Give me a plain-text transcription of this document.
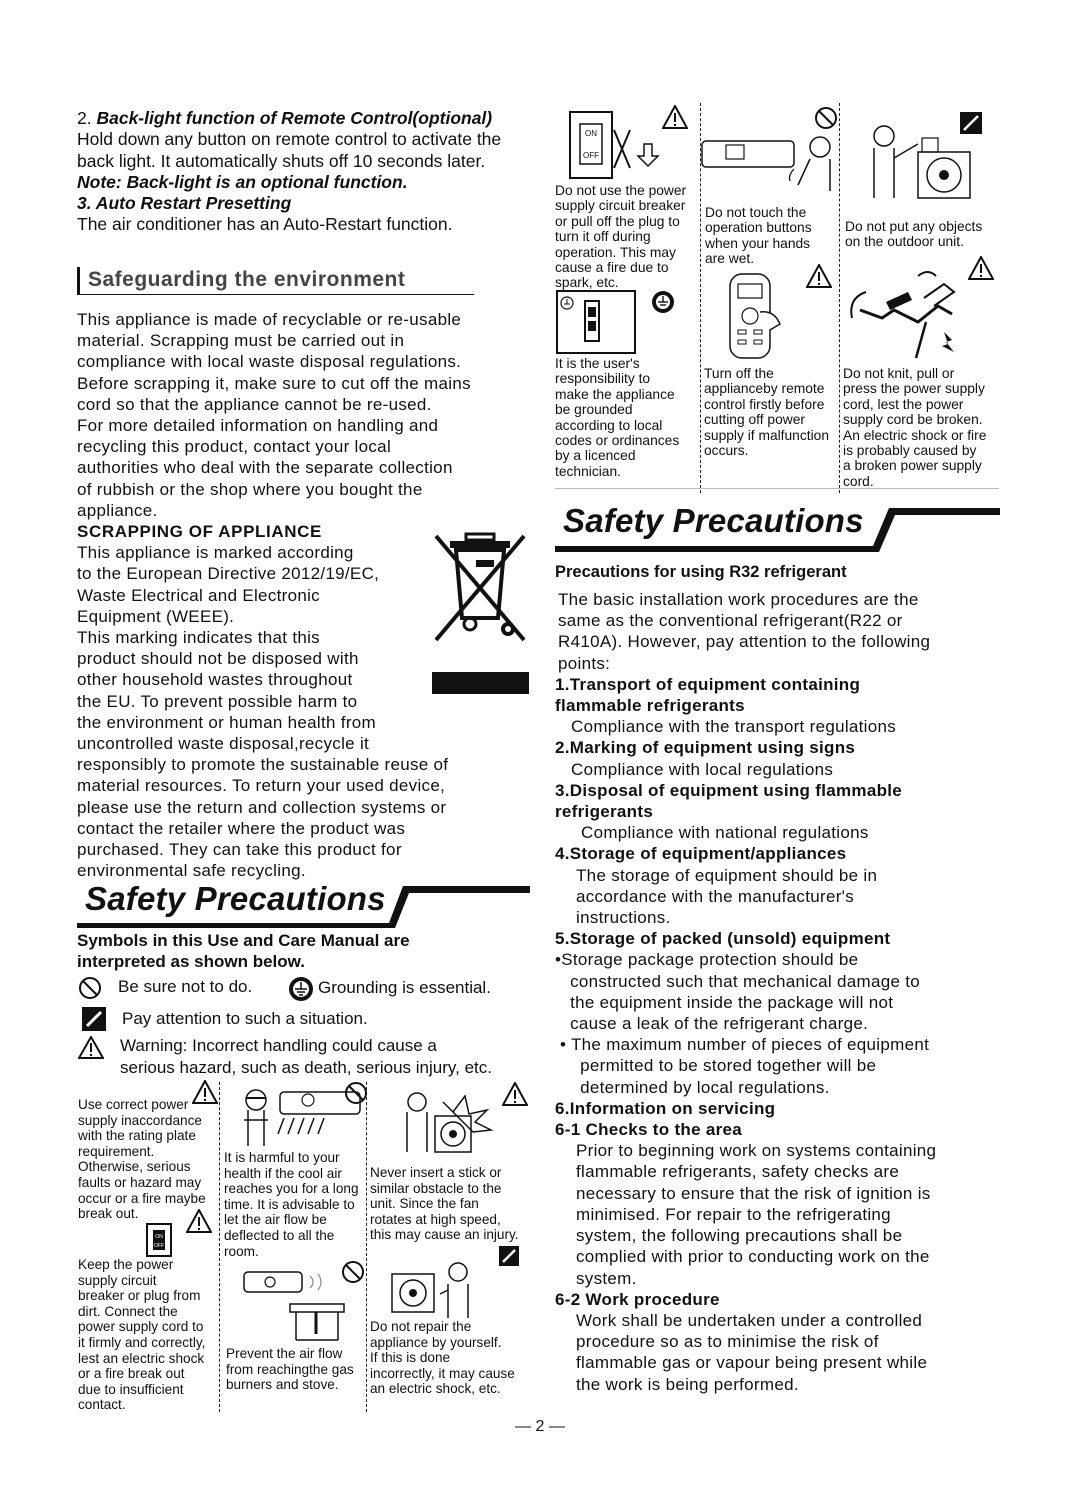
2. Back-light function of Remote Control(optional)
Hold down any button on remote control to activate the back light. It automatically shuts off 10 seconds later.
Note: Back-light is an optional function.
3. Auto Restart Presetting
The air conditioner has an Auto-Restart function.
Safeguarding the environment
This appliance is made of recyclable or re-usable
material. Scrapping must be carried out in
compliance with local waste disposal regulations.
Before scrapping it, make sure to cut off the mains
cord so that the appliance cannot be re-used.
For more detailed information on handling and
recycling this product, contact your local
authorities who deal with the separate collection
of rubbish or the shop where you bought the
appliance.
SCRAPPING OF APPLIANCE
This appliance is marked according
to the European Directive 2012/19/EC,
Waste Electrical and Electronic
Equipment (WEEE).
This marking indicates that this
product should not be disposed with
other household wastes throughout
the EU. To prevent possible harm to
the environment or human health from
uncontrolled waste disposal,recycle it
responsibly to promote the sustainable reuse of
material resources. To return your used device,
please use the return and collection systems or
contact the retailer where the product was
purchased. They can take this product for
environmental safe recycling.
Safety Precautions
Symbols in this Use and Care Manual are
interpreted as shown below.
Be sure not to do.	Grounding is essential.
Pay attention to such a situation.
Warning: Incorrect handling could cause a
serious hazard, such as death, serious injury, etc.
Use correct power
supply inaccordance
with the rating plate
requirement.
Otherwise, serious
faults or hazard may
occur or a fire maybe
break out.
It is harmful to your
health if the cool air
reaches you for a long
time. It is advisable to
let the air flow be
deflected to all the
room.
Never insert a stick or
similar obstacle to the
unit. Since the fan
rotates at high speed,
this may cause an injury.
ON
OFF
Keep the power
supply circuit
breaker or plug from
dirt. Connect the
power supply cord to
it firmly and correctly,
lest an electric shock
or a fire break out
due to insufficient
contact.
Prevent the air flow
from reachingthe gas
burners and stove.
Do not repair the
appliance by yourself.
If this is done
incorrectly, it may cause
an electric shock, etc.
ON
OFF
Do not use the power
supply circuit breaker
or pull off the plug to
turn it off during
operation. This may
cause a fire due to
spark, etc.
Do not touch the
operation buttons
when your hands
are wet.
Do not put any objects
on the outdoor unit.
It is the user's
responsibility to
make the appliance
be grounded
according to local
codes or ordinances
by a licenced
technician.
Turn off the
applianceby remote
control firstly before
cutting off power
supply if malfunction
occurs.
Do not knit, pull or
press the power supply
cord, lest the power
supply cord be broken.
An electric shock or fire
is probably caused by
a broken power supply
cord.
Safety Precautions
Precautions for using R32 refrigerant
The basic installation work procedures are the
same as the conventional refrigerant(R22 or
R410A). However, pay attention to the following
points:
1.Transport of equipment containing
flammable refrigerants
Compliance with the transport regulations
2.Marking of equipment using signs
Compliance with local regulations
3.Disposal of equipment using flammable
refrigerants
Compliance with national regulations
4.Storage of equipment/appliances
The storage of equipment should be in
accordance with the manufacturer's
instructions.
5.Storage of packed (unsold) equipment
•Storage package protection should be
constructed such that mechanical damage to
the equipment inside the package will not
cause a leak of the refrigerant charge.
• The maximum number of pieces of equipment
permitted to be stored together will be
determined by local regulations.
6.Information on servicing
6-1 Checks to the area
Prior to beginning work on systems containing
flammable refrigerants, safety checks are
necessary to ensure that the risk of ignition is
minimised. For repair to the refrigerating
system, the following precautions shall be
complied with prior to conducting work on the
system.
6-2 Work procedure
Work shall be undertaken under a controlled
procedure so as to minimise the risk of
flammable gas or vapour being present while
the work is being performed.
— 2 —
